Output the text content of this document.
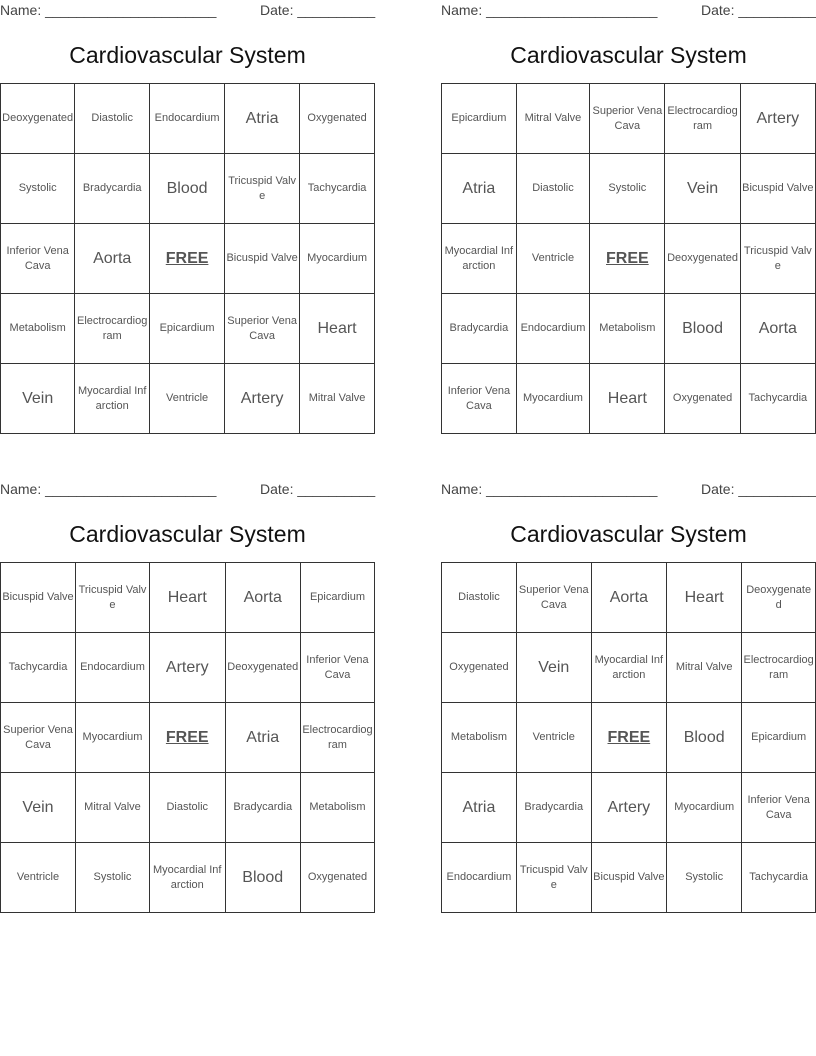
Name: ______________________	Date: __________
Cardiovascular System
Deoxygenated	Diastolic	Endocardium	Atria	Oxygenated
Systolic	Bradycardia	Blood	Tricuspid Valve	Tachycardia
Inferior Vena Cava	Aorta	FREE	Bicuspid Valve	Myocardium
Metabolism	Electrocardiogram	Epicardium	Superior Vena Cava	Heart
Vein	Myocardial Infarction	Ventricle	Artery	Mitral Valve
Name: ______________________	Date: __________
Cardiovascular System
Epicardium	Mitral Valve	Superior Vena Cava	Electrocardiogram	Artery
Atria	Diastolic	Systolic	Vein	Bicuspid Valve
Myocardial Infarction	Ventricle	FREE	Deoxygenated	Tricuspid Valve
Bradycardia	Endocardium	Metabolism	Blood	Aorta
Inferior Vena Cava	Myocardium	Heart	Oxygenated	Tachycardia
Name: ______________________	Date: __________
Cardiovascular System
Bicuspid Valve	Tricuspid Valve	Heart	Aorta	Epicardium
Tachycardia	Endocardium	Artery	Deoxygenated	Inferior Vena Cava
Superior Vena Cava	Myocardium	FREE	Atria	Electrocardiogram
Vein	Mitral Valve	Diastolic	Bradycardia	Metabolism
Ventricle	Systolic	Myocardial Infarction	Blood	Oxygenated
Name: ______________________	Date: __________
Cardiovascular System
Diastolic	Superior Vena Cava	Aorta	Heart	Deoxygenated
Oxygenated	Vein	Myocardial Infarction	Mitral Valve	Electrocardiogram
Metabolism	Ventricle	FREE	Blood	Epicardium
Atria	Bradycardia	Artery	Myocardium	Inferior Vena Cava
Endocardium	Tricuspid Valve	Bicuspid Valve	Systolic	Tachycardia
